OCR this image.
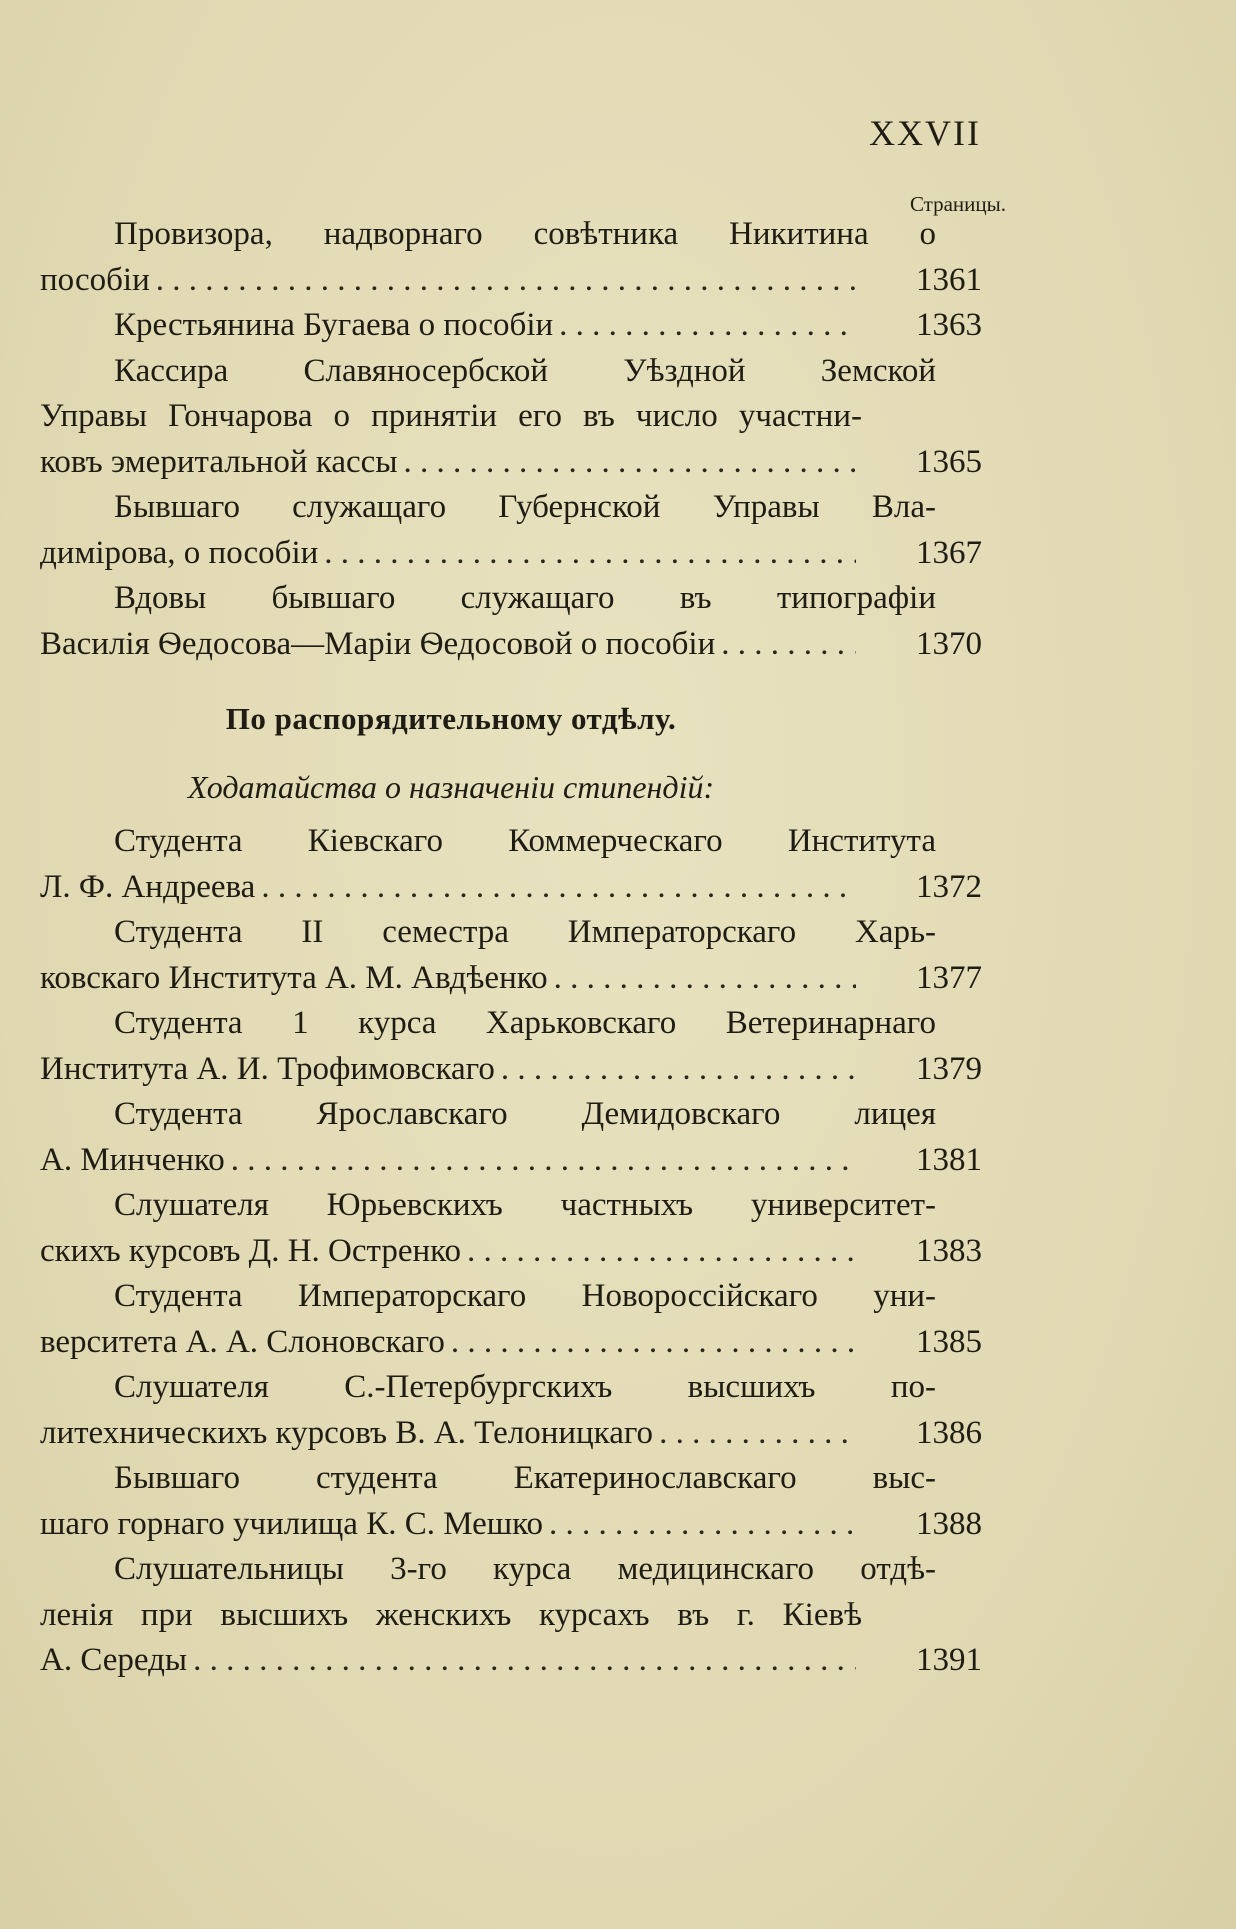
XXVII
Страницы.
Провизора, надворнаго совѣтника Никитина о
пособіи . . .	1361
Крестьянина Бугаева о пособіи . . .	1363
Кассира Славяносербской Уѣздной Земской
Управы Гончарова о принятіи его въ число участни-
ковъ эмеритальной кассы . . .	1365
Бывшаго служащаго Губернской Управы Вла-
димірова, о пособіи . . .	1367
Вдовы бывшаго служащаго въ типографіи
Василія Ѳедосова—Маріи Ѳедосовой о пособіи . . .	1370
По распорядительному отдѣлу.
Ходатайства о назначеніи стипендій:
Студента Кіевскаго Коммерческаго Института
Л. Ф. Андреева . . .	1372
Студента II семестра Императорскаго Харь-
ковскаго Института А. М. Авдѣенко . . .	1377
Студента 1 курса Харьковскаго Ветеринарнаго
Института А. И. Трофимовскаго . . .	1379
Студента Ярославскаго Демидовскаго лицея
А. Минченко . . .	1381
Слушателя Юрьевскихъ частныхъ университет-
скихъ курсовъ Д. Н. Остренко . . .	1383
Студента Императорскаго Новороссійскаго уни-
верситета А. А. Слоновскаго . . .	1385
Слушателя С.-Петербургскихъ высшихъ по-
литехническихъ курсовъ В. А. Телоницкаго . . .	1386
Бывшаго студента Екатеринославскаго выс-
шаго горнаго училища К. С. Мешко . . .	1388
Слушательницы 3-го курса медицинскаго отдѣ-
ленія при высшихъ женскихъ курсахъ въ г. Кіевѣ
А. Середы . . .	1391
